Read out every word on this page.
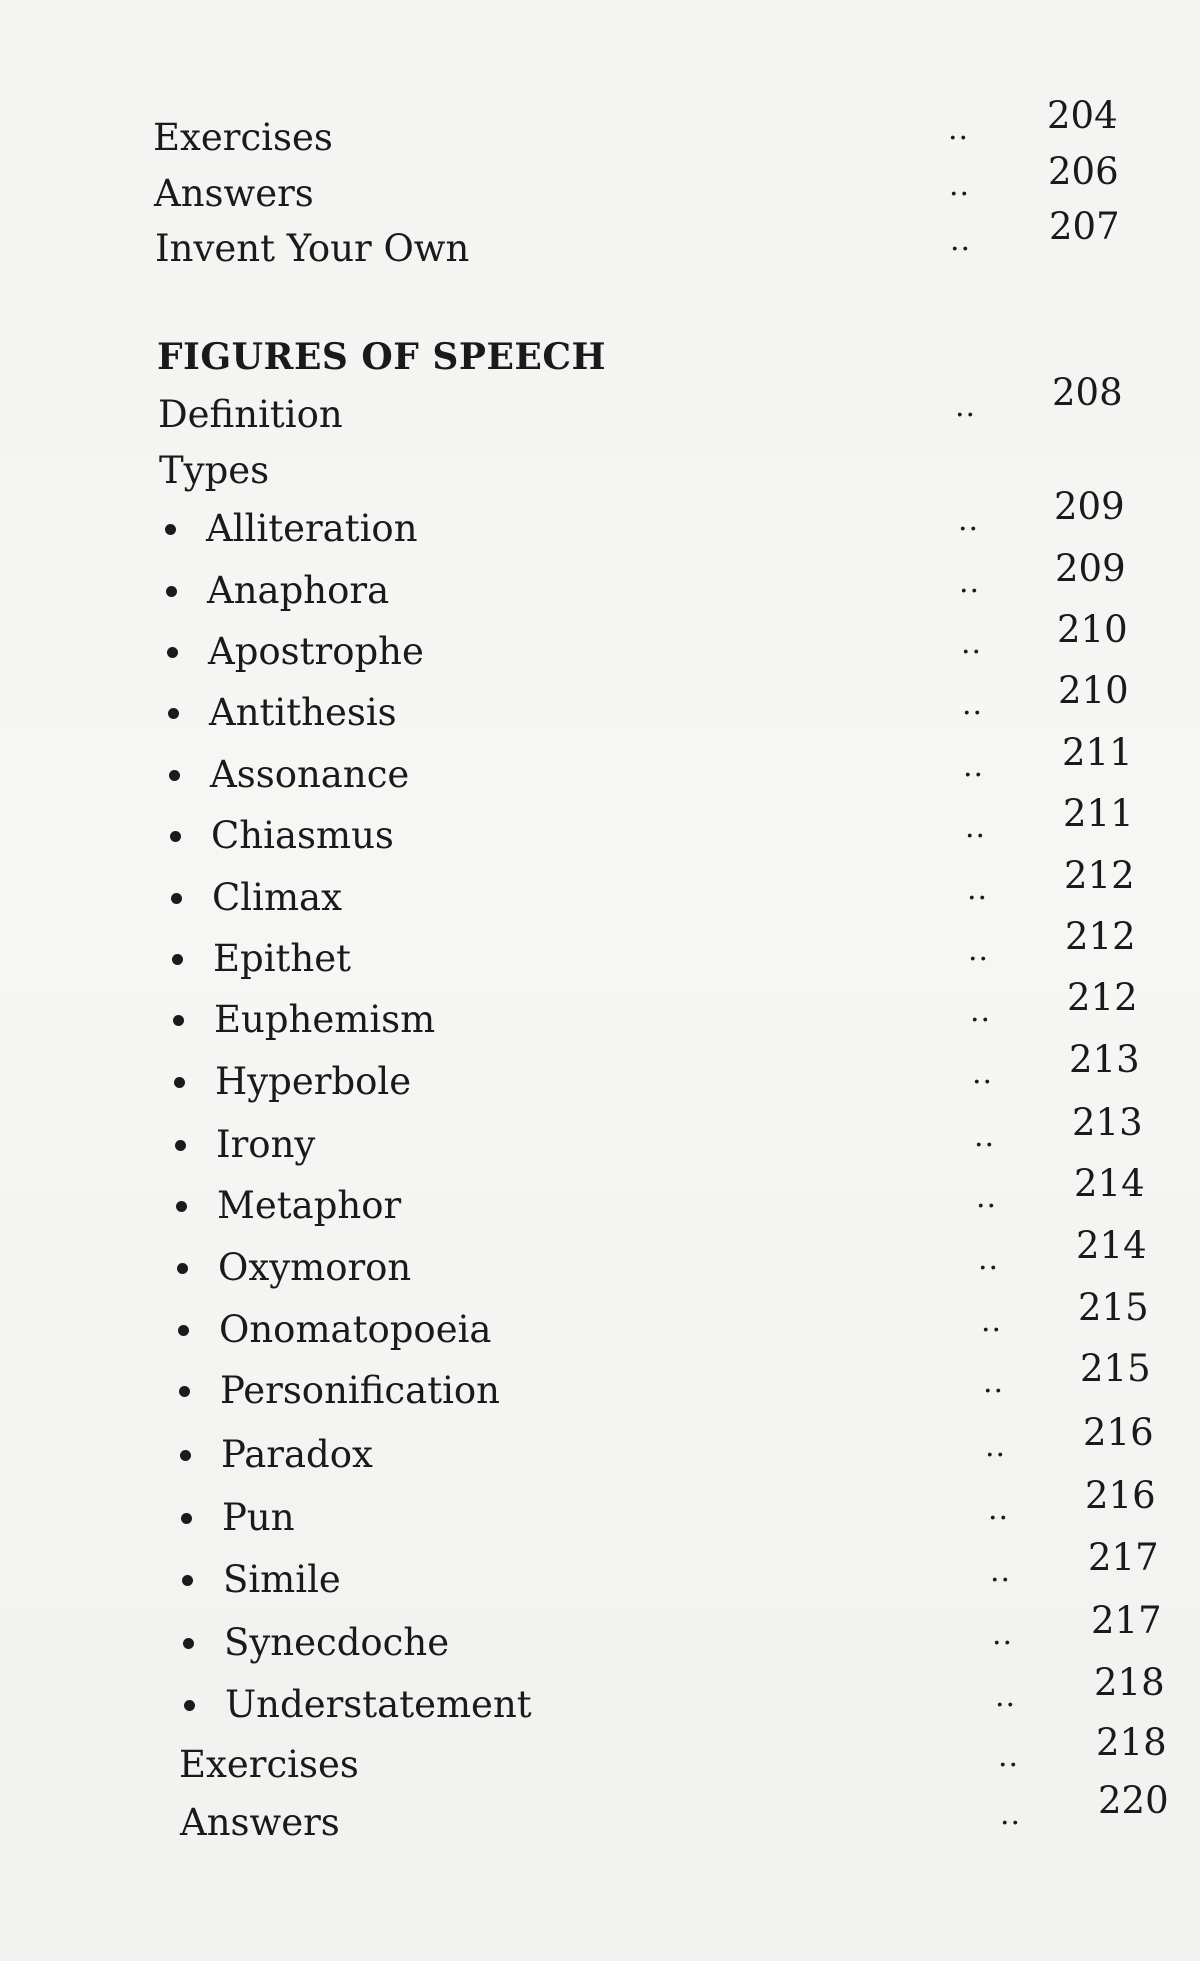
Exercises	.. 204
Answers	.. 206
Invent Your Own	.. 207
FIGURES OF SPEECH
Definition	.. 208
Types
Alliteration	.. 209
Anaphora	.. 209
Apostrophe	.. 210
Antithesis	.. 210
Assonance	.. 211
Chiasmus	.. 211
Climax	.. 212
Epithet	.. 212
Euphemism	.. 212
Hyperbole	.. 213
Irony	.. 213
Metaphor	.. 214
Oxymoron	.. 214
Onomatopoeia	.. 215
Personification	.. 215
Paradox	.. 216
Pun	.. 216
Simile	.. 217
Synecdoche	.. 217
Understatement	.. 218
Exercises	.. 218
Answers	.. 220
